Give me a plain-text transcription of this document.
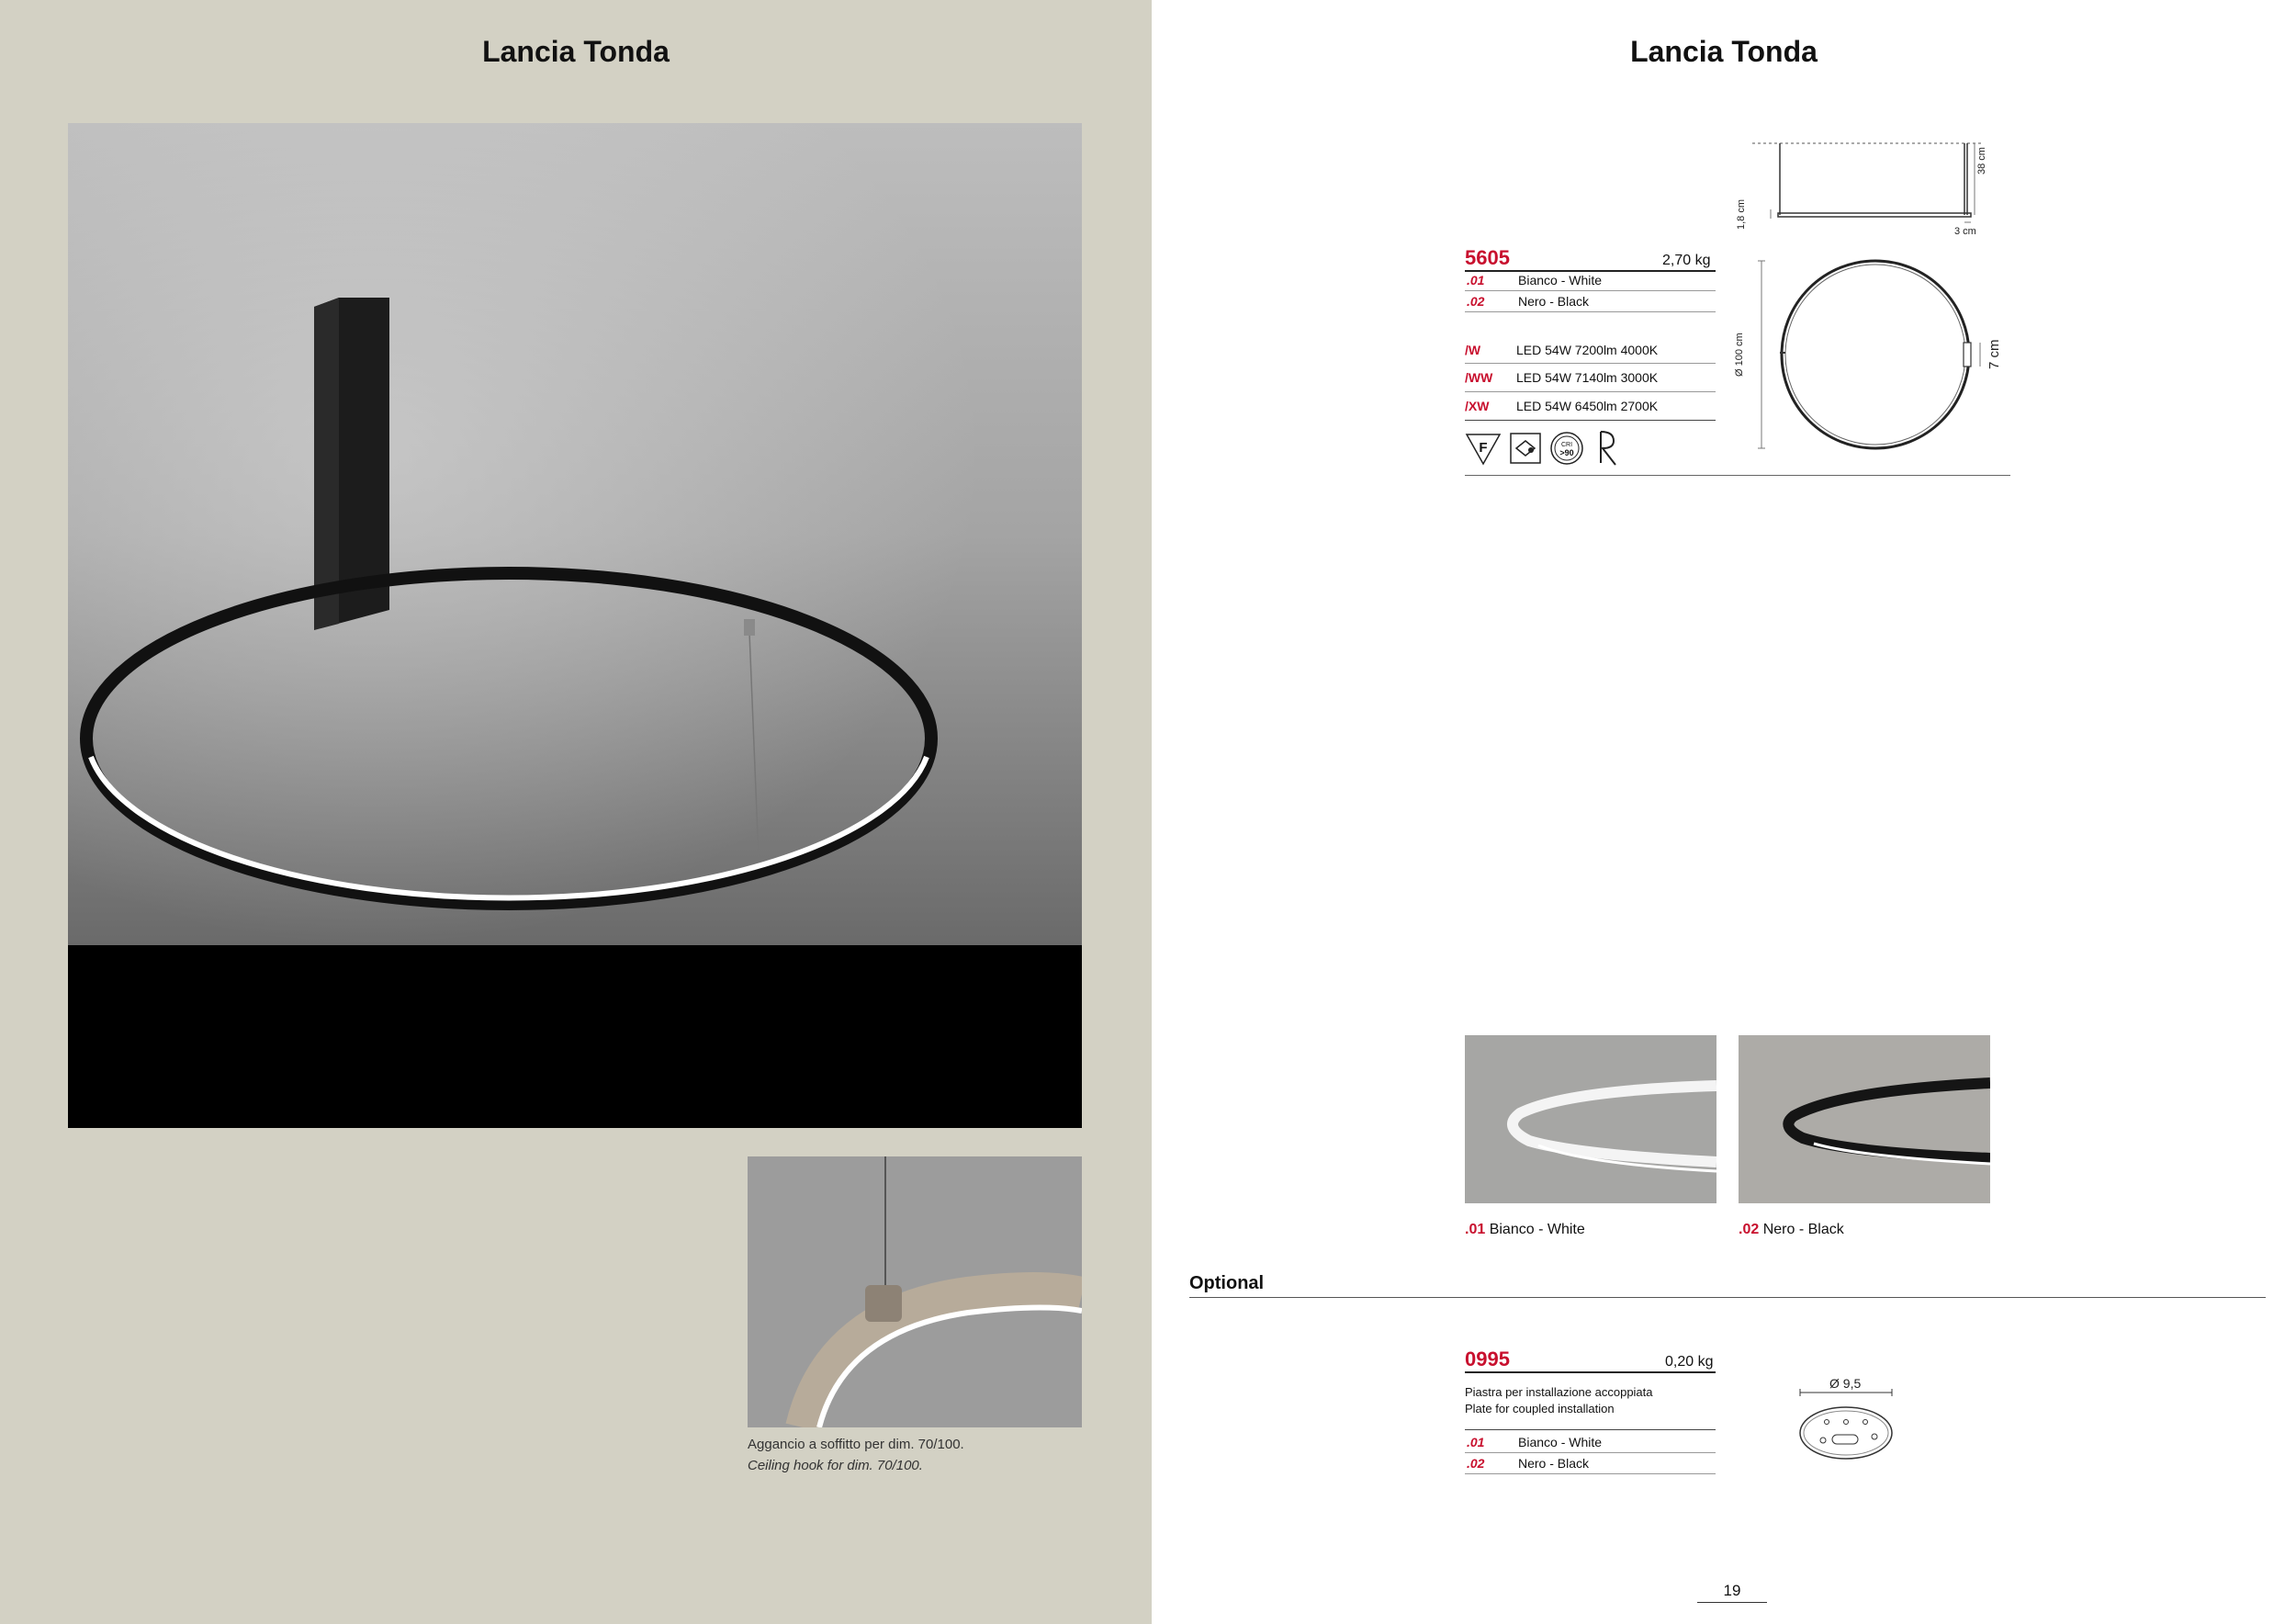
Lancia Tonda
Aggancio a soffitto per dim. 70/100.
Ceiling hook for dim. 70/100.
Lancia Tonda
5605	2,70 kg
.01	Bianco - White
.02	Nero - Black
/W	LED 54W 7200lm 4000K
/WW LED 54W 7140lm 3000K
/XW LED 54W 6450lm 2700K
F	CRI
>90
38 cm
1,8 cm
3 cm
Ø 100 cm	7 cm
.01 Bianco - White	.02 Nero - Black
Optional
0995	0,20 kg
Piastra per installazione accoppiata
Plate for coupled installation
.01	Bianco - White
.02	Nero - Black
Ø 9,5
19
